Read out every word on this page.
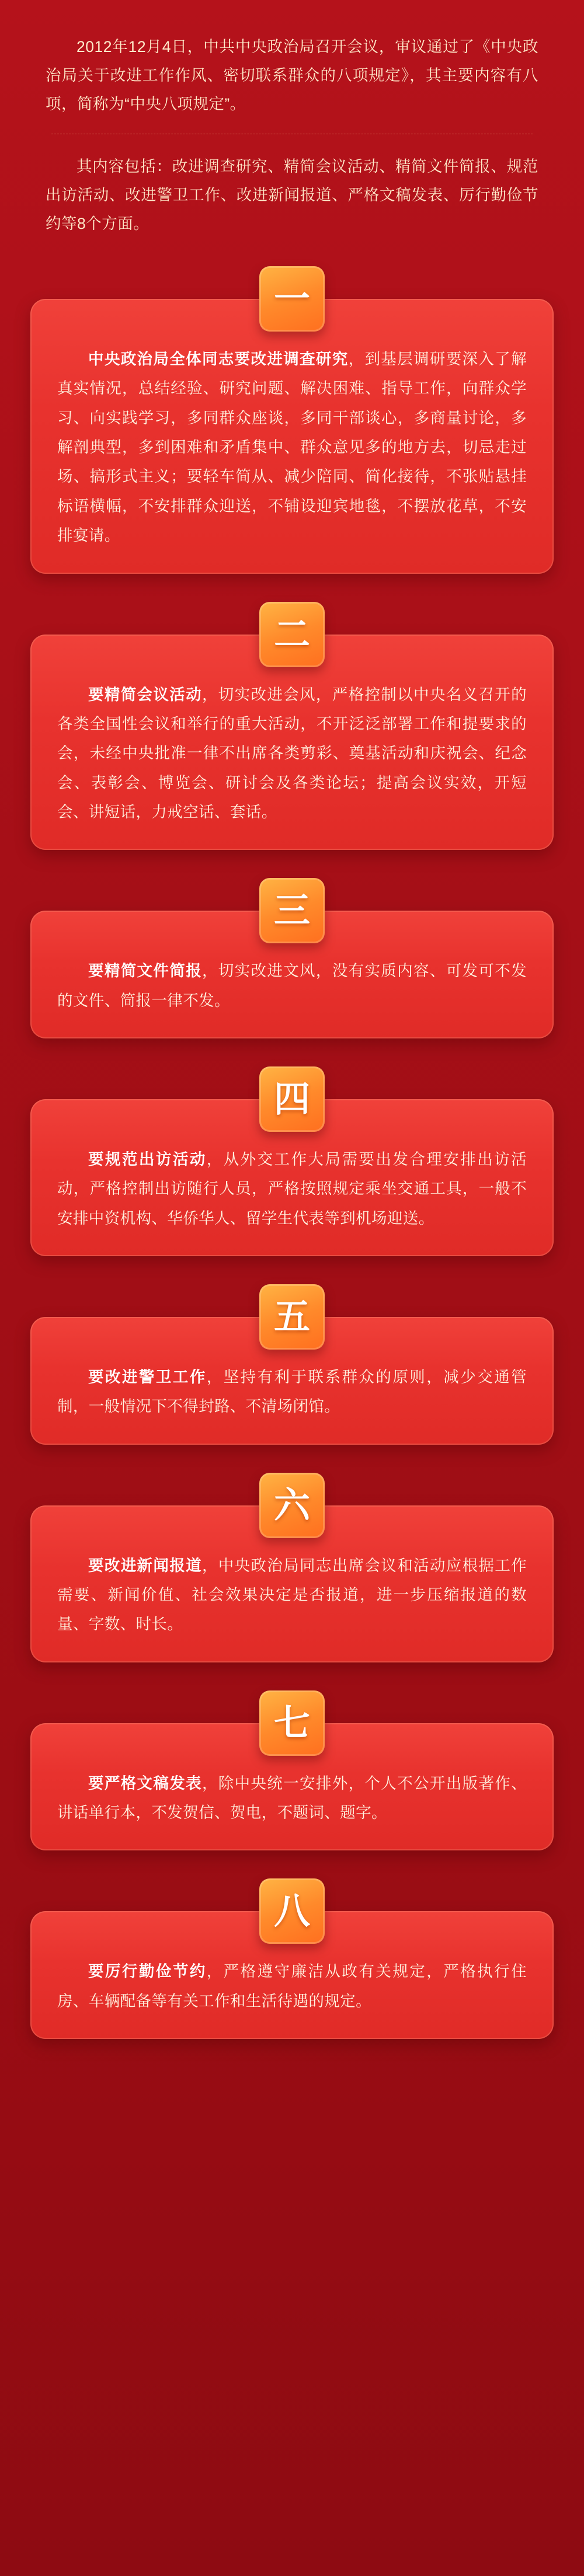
2012年12月4日，中共中央政治局召开会议，审议通过了《中央政治局关于改进工作作风、密切联系群众的八项规定》，其主要内容有八项，简称为“中央八项规定”。

其内容包括：改进调查研究、精简会议活动、精简文件简报、规范出访活动、改进警卫工作、改进新闻报道、严格文稿发表、厉行勤俭节约等8个方面。

一

中央政治局全体同志要改进调查研究，到基层调研要深入了解真实情况，总结经验、研究问题、解决困难、指导工作，向群众学习、向实践学习，多同群众座谈，多同干部谈心，多商量讨论，多解剖典型，多到困难和矛盾集中、群众意见多的地方去，切忌走过场、搞形式主义；要轻车简从、减少陪同、简化接待，不张贴悬挂标语横幅，不安排群众迎送，不铺设迎宾地毯，不摆放花草，不安排宴请。

二

要精简会议活动，切实改进会风，严格控制以中央名义召开的各类全国性会议和举行的重大活动，不开泛泛部署工作和提要求的会，未经中央批准一律不出席各类剪彩、奠基活动和庆祝会、纪念会、表彰会、博览会、研讨会及各类论坛；提高会议实效，开短会、讲短话，力戒空话、套话。

三

要精简文件简报，切实改进文风，没有实质内容、可发可不发的文件、简报一律不发。

四

要规范出访活动，从外交工作大局需要出发合理安排出访活动，严格控制出访随行人员，严格按照规定乘坐交通工具，一般不安排中资机构、华侨华人、留学生代表等到机场迎送。

五

要改进警卫工作，坚持有利于联系群众的原则，减少交通管制，一般情况下不得封路、不清场闭馆。

六

要改进新闻报道，中央政治局同志出席会议和活动应根据工作需要、新闻价值、社会效果决定是否报道，进一步压缩报道的数量、字数、时长。

七

要严格文稿发表，除中央统一安排外，个人不公开出版著作、讲话单行本，不发贺信、贺电，不题词、题字。

八

要厉行勤俭节约，严格遵守廉洁从政有关规定，严格执行住房、车辆配备等有关工作和生活待遇的规定。
